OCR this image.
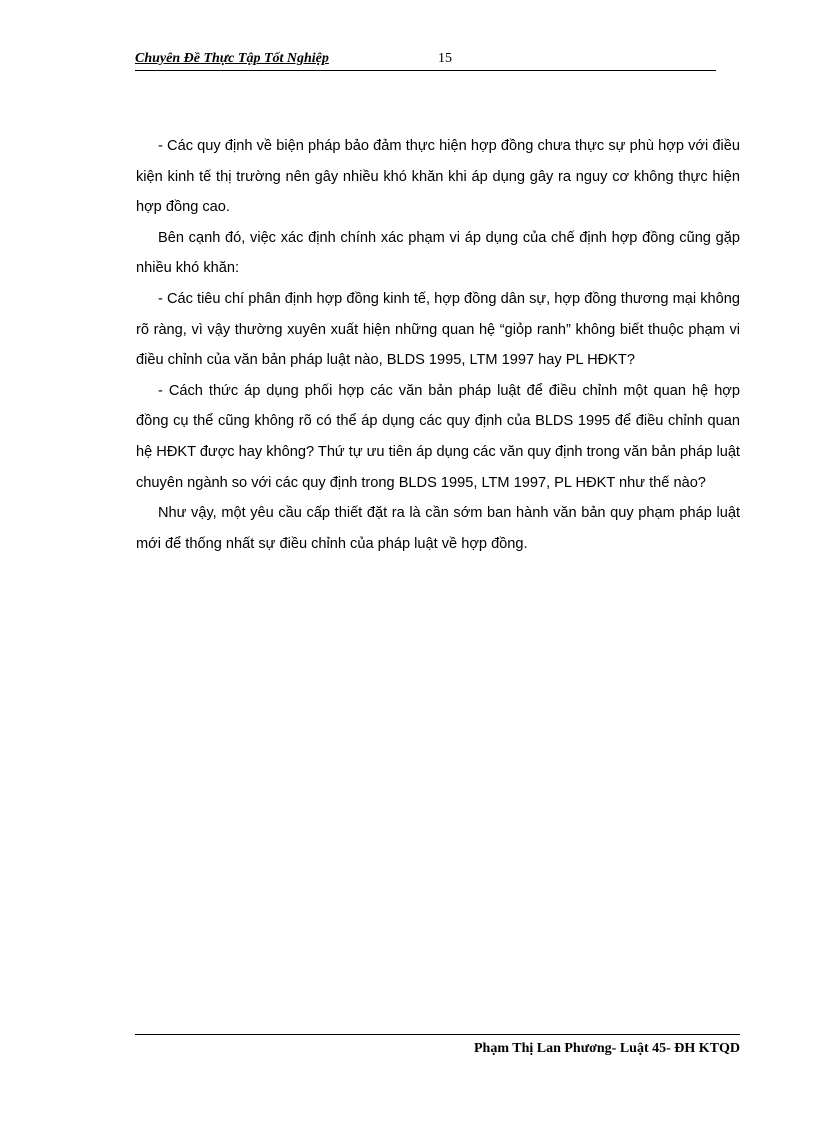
Chuyên Đề Thực Tập Tốt Nghiệp	15

- Các quy định về biện pháp bảo đảm thực hiện hợp đồng chưa thực sự phù hợp với điều kiện kinh tế thị trường nên gây nhiều khó khăn khi áp dụng gây ra nguy cơ không thực hiện hợp đồng cao.

Bên cạnh đó, việc xác định chính xác phạm vi áp dụng của chế định hợp đồng cũng gặp nhiều khó khăn:

- Các tiêu chí phân định hợp đồng kinh tế, hợp đồng dân sự, hợp đồng thương mại không rõ ràng, vì vậy thường xuyên xuất hiện những quan hệ “giỏp ranh” không biết thuộc phạm vi điều chỉnh của văn bản pháp luật nào, BLDS 1995, LTM 1997 hay PL HĐKT?

- Cách thức áp dụng phối hợp các văn bản pháp luật để điều chỉnh một quan hệ hợp đồng cụ thể cũng không rõ có thể áp dụng các quy định của BLDS 1995 để điều chỉnh quan hệ HĐKT được hay không? Thứ tự ưu tiên áp dụng các văn quy định trong văn bản pháp luật chuyên ngành so với các quy định trong BLDS 1995, LTM 1997, PL HĐKT như thế nào?

Như vậy, một yêu cầu cấp thiết đặt ra là cần sớm ban hành văn bản quy phạm pháp luật mới để thống nhất sự điều chỉnh của pháp luật về hợp đồng.

Phạm Thị Lan Phương- Luật 45- ĐH KTQD
